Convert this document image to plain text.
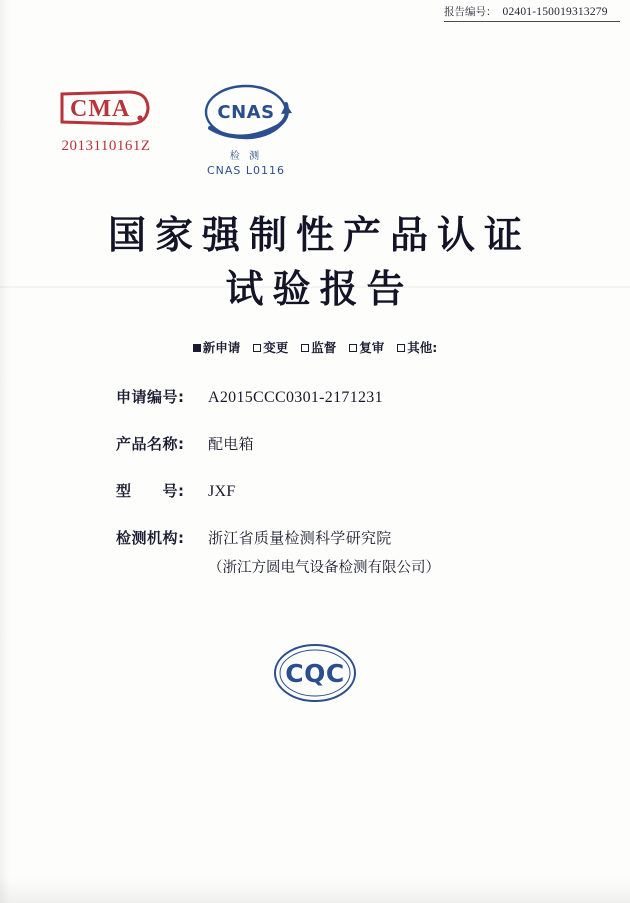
报告编号： 02401-150019313279
CMA
2013110161Z
CNAS
检 测
CNAS L0116
国家强制性产品认证
试验报告
新申请 变更 监督 复审 其他:
申请编号:	A2015CCC0301-2171231
产品名称:	配电箱
型　　号:	JXF
检测机构:	浙江省质量检测科学研究院
（浙江方圆电气设备检测有限公司）
CQC
